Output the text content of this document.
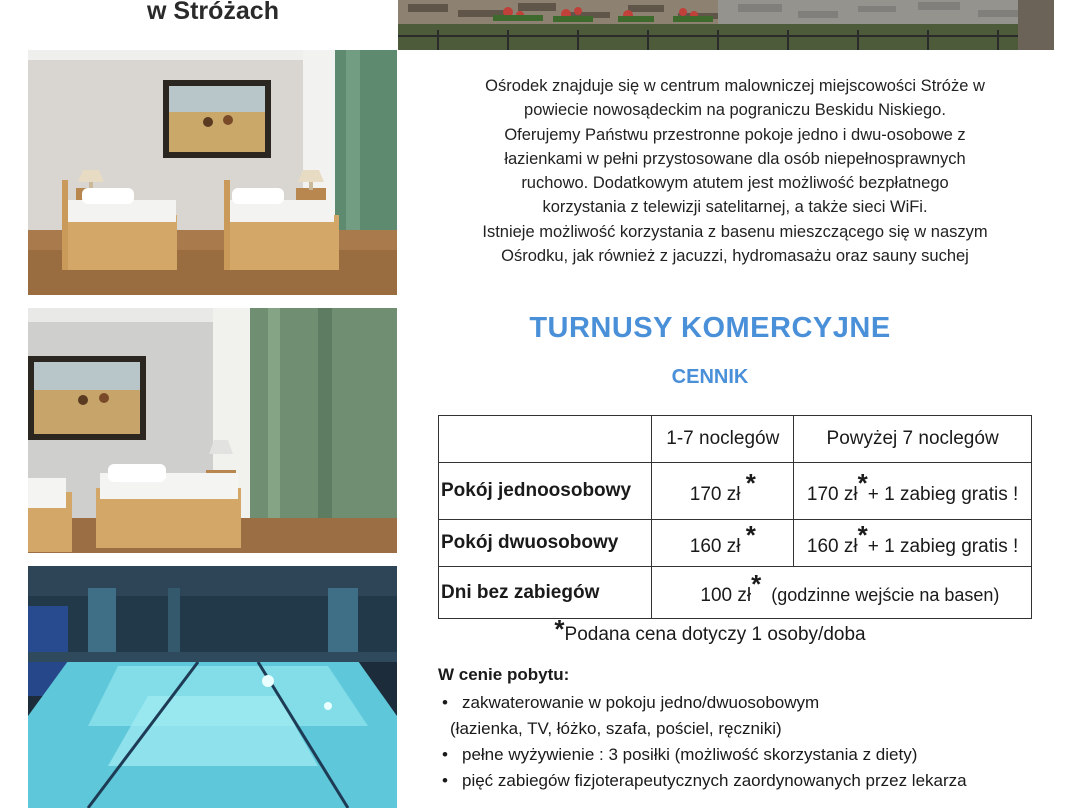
w Stróżach

Ośrodek znajduje się w centrum malowniczej miejscowości Stróże w

powiecie nowosądeckim na pograniczu Beskidu Niskiego.

Oferujemy Państwu przestronne pokoje jedno i dwu-osobowe z

łazienkami w pełni przystosowane dla osób niepełnosprawnych

ruchowo. Dodatkowym atutem jest możliwość bezpłatnego

korzystania z telewizji satelitarnej, a także sieci WiFi.

Istnieje możliwość korzystania z basenu mieszczącego się w naszym

Ośrodku, jak również z jacuzzi, hydromasażu oraz sauny suchej

TURNUSY KOMERCYJNE
CENNIK
	1-7 noclegów	Powyżej 7 noclegów
Pokój jednoosobowy	170 zł *	170 zł*+ 1 zabieg gratis !
Pokój dwuosobowy	160 zł *	160 zł*+ 1 zabieg gratis !
Dni bez zabiegów	100 zł* (godzinne wejście na basen)	
*Podana cena dotyczy 1 osoby/doba
W cenie pobytu:
• zakwaterowanie w pokoju jedno/dwuosobowym
(łazienka, TV, łóżko, szafa, pościel, ręczniki)
• pełne wyżywienie : 3 posiłki (możliwość skorzystania z diety)
• pięć zabiegów fizjoterapeutycznych zaordynowanych przez lekarza
